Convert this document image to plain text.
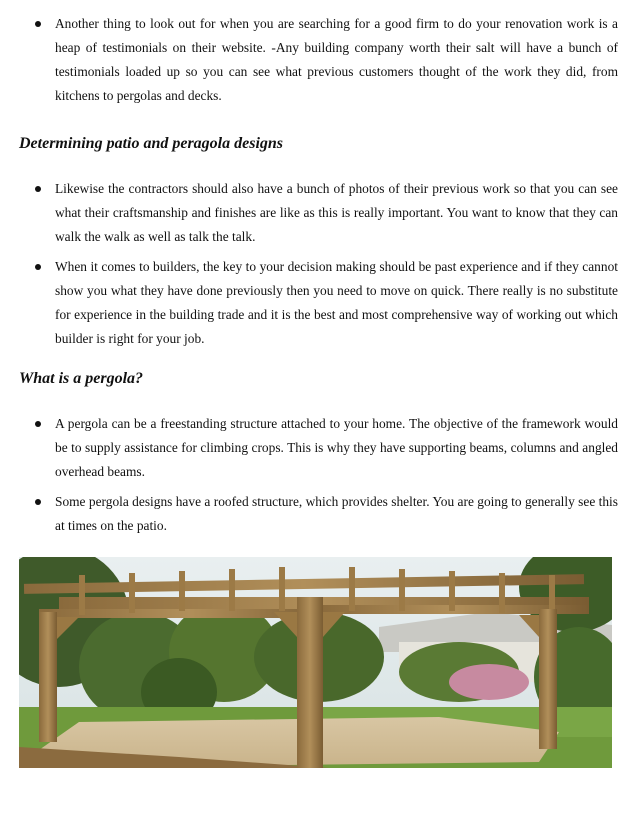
Another thing to look out for when you are searching for a good firm to do your renovation work is a heap of testimonials on their website. -Any building company worth their salt will have a bunch of testimonials loaded up so you can see what previous customers thought of the work they did, from kitchens to pergolas and decks.
Determining patio and peragola designs
Likewise the contractors should also have a bunch of photos of their previous work so that you can see what their craftsmanship and finishes are like as this is really important. You want to know that they can walk the walk as well as talk the talk.
When it comes to builders, the key to your decision making should be past experience and if they cannot show you what they have done previously then you need to move on quick. There really is no substitute for experience in the building trade and it is the best and most comprehensive way of working out which builder is right for your job.
What is a pergola?
A pergola can be a freestanding structure attached to your home. The objective of the framework would be to supply assistance for climbing crops. This is why they have supporting beams, columns and angled overhead beams.
Some pergola designs have a roofed structure, which provides shelter. You are going to generally see this at times on the patio.
